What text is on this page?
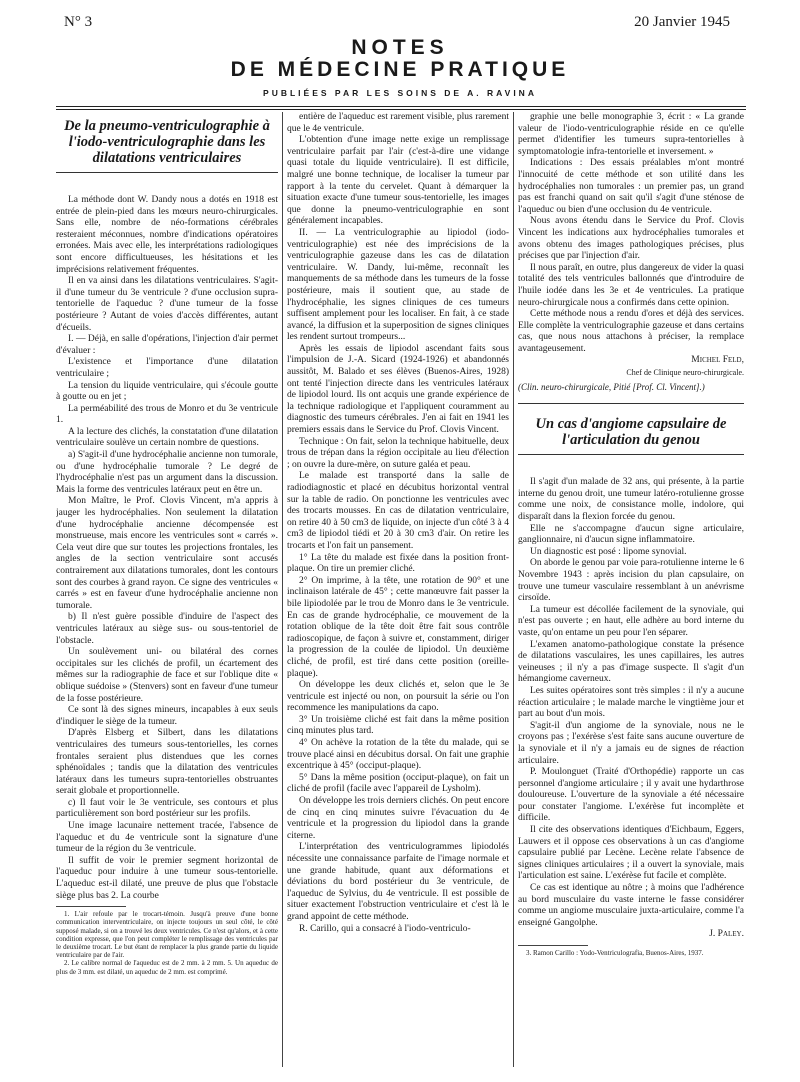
N° 3	20 Janvier 1945
NOTES
DE MÉDECINE PRATIQUE
PUBLIÉES PAR LES SOINS DE A. RAVINA
De la pneumo-ventriculographie à l'iodo-ventriculographie dans les dilatations ventriculaires

La méthode dont W. Dandy nous a dotés en 1918 est entrée de plein-pied dans les mœurs neuro-chirurgicales. Sans elle, nombre de néo-formations cérébrales resteraient méconnues, nombre d'indications opératoires erronées. Mais avec elle, les interprétations radiologiques sont encore difficultueuses, les hésitations et les imprécisions relativement fréquentes.

Il en va ainsi dans les dilatations ventriculaires. S'agit-il d'une tumeur du 3e ventricule ? d'une occlusion supra-tentorielle de l'aqueduc ? d'une tumeur de la fosse postérieure ? Autant de voies d'accès différentes, autant d'écueils.

I. — Déjà, en salle d'opérations, l'injection d'air permet d'évaluer :

L'existence et l'importance d'une dilatation ventriculaire ;

La tension du liquide ventriculaire, qui s'écoule goutte à goutte ou en jet ;

La perméabilité des trous de Monro et du 3e ventricule 1.

A la lecture des clichés, la constatation d'une dilatation ventriculaire soulève un certain nombre de questions.

a) S'agit-il d'une hydrocéphalie ancienne non tumorale, ou d'une hydrocéphalie tumorale ? Le degré de l'hydrocéphalie n'est pas un argument dans la discussion. Mais la forme des ventricules latéraux peut en être un.

Mon Maître, le Prof. Clovis Vincent, m'a appris à jauger les hydrocéphalies. Non seulement la dilatation d'une hydrocéphalie ancienne décompensée est monstrueuse, mais encore les ventricules sont « carrés ». Cela veut dire que sur toutes les projections frontales, les angles de la section ventriculaire sont accusés contrairement aux dilatations tumorales, dont les contours sont des courbes à grand rayon. Ce signe des ventricules « carrés » est en faveur d'une hydrocéphalie ancienne non tumorale.

b) Il n'est guère possible d'induire de l'aspect des ventricules latéraux au siège sus- ou sous-tentoriel de l'obstacle.

Un soulèvement uni- ou bilatéral des cornes occipitales sur les clichés de profil, un écartement des mêmes sur la radiographie de face et sur l'oblique dite « oblique suédoise » (Stenvers) sont en faveur d'une tumeur de la fosse postérieure.

Ce sont là des signes mineurs, incapables à eux seuls d'indiquer le siège de la tumeur.

D'après Elsberg et Silbert, dans les dilatations ventriculaires des tumeurs sous-tentorielles, les cornes frontales seraient plus distendues que les cornes sphénoïdales ; tandis que la dilatation des ventricules latéraux dans les tumeurs supra-tentorielles obstruantes serait globale et proportionnelle.

c) Il faut voir le 3e ventricule, ses contours et plus particulièrement son bord postérieur sur les profils.

Une image lacunaire nettement tracée, l'absence de l'aqueduc et du 4e ventricule sont la signature d'une tumeur de la région du 3e ventricule.

Il suffit de voir le premier segment horizontal de l'aqueduc pour induire à une tumeur sous-tentorielle. L'aqueduc est-il dilaté, une preuve de plus que l'obstacle siège plus bas 2. La courbe

1. L'air refoule par le trocart-témoin. Jusqu'à preuve d'une bonne communication interventriculaire, on injecte toujours un seul côté, le côté supposé malade, si on a trouvé les deux ventricules. Ce n'est qu'alors, et à cette condition expresse, que l'on peut compléter le remplissage des ventricules par le deuxième trocart. Le but étant de remplacer la plus grande partie du liquide ventriculaire par de l'air.

2. Le calibre normal de l'aqueduc est de 2 mm. à 2 mm. 5. Un aqueduc de plus de 3 mm. est dilaté, un aqueduc de 2 mm. est comprimé.

entière de l'aqueduc est rarement visible, plus rarement que le 4e ventricule.

L'obtention d'une image nette exige un remplissage ventriculaire parfait par l'air (c'est-à-dire une vidange quasi totale du liquide ventriculaire). Il est difficile, malgré une bonne technique, de localiser la tumeur par rapport à la tente du cervelet. Quant à démarquer la situation exacte d'une tumeur sous-tentorielle, les images que donne la pneumo-ventriculographie en sont généralement incapables.

II. — La ventriculographie au lipiodol (iodo-ventriculographie) est née des imprécisions de la ventriculographie gazeuse dans les cas de dilatation ventriculaire. W. Dandy, lui-même, reconnaît les manquements de sa méthode dans les tumeurs de la fosse postérieure, mais il soutient que, au stade de l'hydrocéphalie, les signes cliniques de ces tumeurs suffisent amplement pour les localiser. En fait, à ce stade avancé, la diffusion et la superposition de signes cliniques les rendent surtout trompeurs...

Après les essais de lipiodol ascendant faits sous l'impulsion de J.-A. Sicard (1924-1926) et abandonnés aussitôt, M. Balado et ses élèves (Buenos-Aires, 1928) ont tenté l'injection directe dans les ventricules latéraux de lipiodol lourd. Ils ont acquis une grande expérience de la technique radiologique et l'appliquent couramment au diagnostic des tumeurs cérébrales. J'en ai fait en 1941 les premiers essais dans le Service du Prof. Clovis Vincent.

Technique : On fait, selon la technique habituelle, deux trous de trépan dans la région occipitale au lieu d'élection ; on ouvre la dure-mère, on suture galéa et peau.

Le malade est transporté dans la salle de radiodiagnostic et placé en décubitus horizontal ventral sur la table de radio. On ponctionne les ventricules avec des trocarts mousses. En cas de dilatation ventriculaire, on retire 40 à 50 cm3 de liquide, on injecte d'un côté 3 à 4 cm3 de lipiodol tiédi et 20 à 30 cm3 d'air. On retire les trocarts et l'on fait un pansement.

1° La tête du malade est fixée dans la position front-plaque. On tire un premier cliché.

2° On imprime, à la tête, une rotation de 90° et une inclinaison latérale de 45° ; cette manœuvre fait passer la bile lipiodolée par le trou de Monro dans le 3e ventricule. En cas de grande hydrocéphalie, ce mouvement de la rotation oblique de la tête doit être fait sous contrôle radioscopique, de façon à suivre et, constamment, diriger la progression de la coulée de lipiodol. Un deuxième cliché, de profil, est tiré dans cette position (oreille-plaque).

On développe les deux clichés et, selon que le 3e ventricule est injecté ou non, on poursuit la série ou l'on recommence les manipulations da capo.

3° Un troisième cliché est fait dans la même position cinq minutes plus tard.

4° On achève la rotation de la tête du malade, qui se trouve placé ainsi en décubitus dorsal. On fait une graphie excentrique à 45° (occiput-plaque).

5° Dans la même position (occiput-plaque), on fait un cliché de profil (facile avec l'appareil de Lysholm).

On développe les trois derniers clichés. On peut encore de cinq en cinq minutes suivre l'évacuation du 4e ventricule et la progression du lipiodol dans la grande citerne.

L'interprétation des ventriculogrammes lipiodolés nécessite une connaissance parfaite de l'image normale et une grande habitude, quant aux déformations et déviations du bord postérieur du 3e ventricule, de l'aqueduc de Sylvius, du 4e ventricule. Il est possible de situer exactement l'obstruction ventriculaire et c'est là le grand appoint de cette méthode.

R. Carillo, qui a consacré à l'iodo-ventriculo-

graphie une belle monographie 3, écrit : « La grande valeur de l'iodo-ventriculographie réside en ce qu'elle permet d'identifier les tumeurs supra-tentorielles à symptomatologie infra-tentorielle et inversement. »

Indications : Des essais préalables m'ont montré l'innocuité de cette méthode et son utilité dans les hydrocéphalies non tumorales : un premier pas, un grand pas est franchi quand on sait qu'il s'agit d'une sténose de l'aqueduc ou bien d'une occlusion du 4e ventricule.

Nous avons étendu dans le Service du Prof. Clovis Vincent les indications aux hydrocéphalies tumorales et avons obtenu des images pathologiques précises, plus précises que par l'injection d'air.

Il nous paraît, en outre, plus dangereux de vider la quasi totalité des tels ventricules ballonnés que d'introduire de l'huile iodée dans les 3e et 4e ventricules. La pratique neuro-chirurgicale nous a confirmés dans cette opinion.

Cette méthode nous a rendu d'ores et déjà des services. Elle complète la ventriculographie gazeuse et dans certains cas, que nous nous attachons à préciser, la remplace avantageusement.

Michel Feld,
Chef de Clinique neuro-chirurgicale.
(Clin. neuro-chirurgicale, Pitié [Prof. Cl. Vincent].)
Un cas d'angiome capsulaire de l'articulation du genou

Il s'agit d'un malade de 32 ans, qui présente, à la partie interne du genou droit, une tumeur latéro-rotulienne grosse comme une noix, de consistance molle, indolore, qui disparaît dans la flexion forcée du genou.

Elle ne s'accompagne d'aucun signe articulaire, ganglionnaire, ni d'aucun signe inflammatoire.

Un diagnostic est posé : lipome synovial.

On aborde le genou par voie para-rotulienne interne le 6 Novembre 1943 : après incision du plan capsulaire, on trouve une tumeur vasculaire ressemblant à un anévrisme cirsoïde.

La tumeur est décollée facilement de la synoviale, qui n'est pas ouverte ; en haut, elle adhère au bord interne du vaste, qu'on entame un peu pour l'en séparer.

L'examen anatomo-pathologique constate la présence de dilatations vasculaires, les unes capillaires, les autres veineuses ; il n'y a pas d'image suspecte. Il s'agit d'un hémangiome caverneux.

Les suites opératoires sont très simples : il n'y a aucune réaction articulaire ; le malade marche le vingtième jour et part au bout d'un mois.

S'agit-il d'un angiome de la synoviale, nous ne le croyons pas ; l'exérèse s'est faite sans aucune ouverture de la synoviale et il n'y a jamais eu de signes de réaction articulaire.

P. Moulonguet (Traité d'Orthopédie) rapporte un cas personnel d'angiome articulaire ; il y avait une hydarthrose douloureuse. L'ouverture de la synoviale a été nécessaire pour constater l'angiome. L'exérèse fut incomplète et difficile.

Il cite des observations identiques d'Eichbaum, Eggers, Lauwers et il oppose ces observations à un cas d'angiome capsulaire publié par Lecène. Lecène relate l'absence de signes cliniques articulaires ; il a ouvert la synoviale, mais l'articulation est saine. L'exérèse fut facile et complète.

Ce cas est identique au nôtre ; à moins que l'adhérence au bord musculaire du vaste interne le fasse considérer comme un angiome musculaire juxta-articulaire, comme l'a enseigné Gangolphe.

J. Paley.

3. Ramon Carillo : Yodo-Ventriculografia, Buenos-Aires, 1937.
